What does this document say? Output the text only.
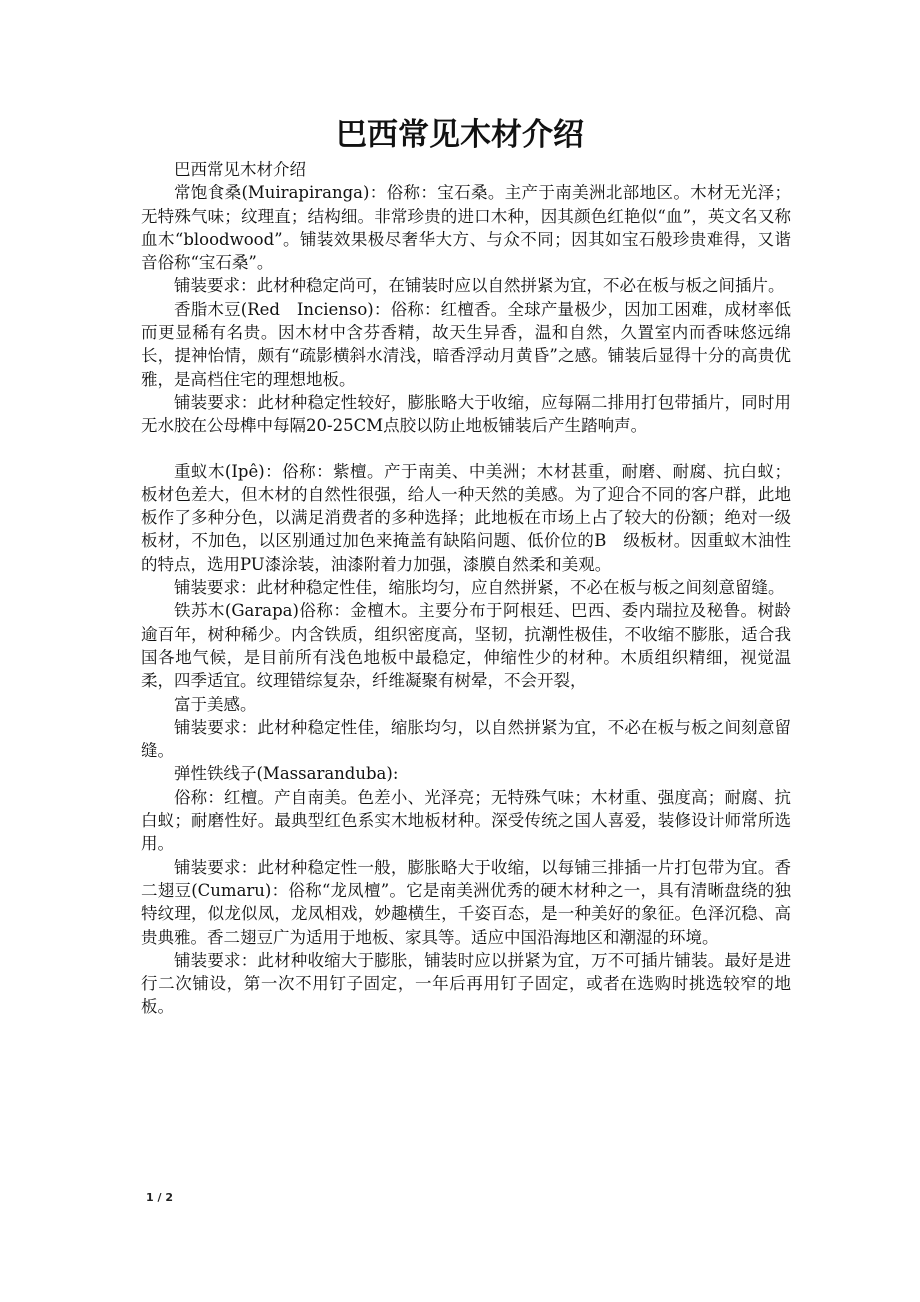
巴西常见木材介绍

巴西常见木材介绍

常饱食桑(Muirapiranga)：俗称：宝石桑。主产于南美洲北部地区。木材无光泽；无特殊气味；纹理直；结构细。非常珍贵的进口木种，因其颜色红艳似“血”，英文名又称血木“bloodwood”。铺装效果极尽奢华大方、与众不同；因其如宝石般珍贵难得，又谐音俗称“宝石桑”。

铺装要求：此材种稳定尚可，在铺装时应以自然拼紧为宜，不必在板与板之间插片。

香脂木豆(Red　Incienso)：俗称：红檀香。全球产量极少，因加工困难，成材率低而更显稀有名贵。因木材中含芬香精，故天生异香，温和自然，久置室内而香味悠远绵长，提神怡情，颇有“疏影横斜水清浅，暗香浮动月黄昏”之感。铺装后显得十分的高贵优雅，是高档住宅的理想地板。

铺装要求：此材种稳定性较好，膨胀略大于收缩，应每隔二排用打包带插片，同时用无水胶在公母榫中每隔20-25CM点胶以防止地板铺装后产生踏响声。

重蚁木(Ipê)：俗称：紫檀。产于南美、中美洲；木材甚重，耐磨、耐腐、抗白蚁；板材色差大，但木材的自然性很强，给人一种天然的美感。为了迎合不同的客户群，此地板作了多种分色，以满足消费者的多种选择；此地板在市场上占了较大的份额；绝对一级板材，不加色，以区别通过加色来掩盖有缺陷问题、低价位的B　级板材。因重蚁木油性的特点，选用PU漆涂装，油漆附着力加强，漆膜自然柔和美观。

铺装要求：此材种稳定性佳，缩胀均匀，应自然拼紧，不必在板与板之间刻意留缝。

铁苏木(Garapa)俗称：金檀木。主要分布于阿根廷、巴西、委内瑞拉及秘鲁。树龄逾百年，树种稀少。内含铁质，组织密度高，坚韧，抗潮性极佳，不收缩不膨胀，适合我国各地气候，是目前所有浅色地板中最稳定，伸缩性少的材种。木质组织精细，视觉温柔，四季适宜。纹理错综复杂，纤维凝聚有树晕，不会开裂，

富于美感。

铺装要求：此材种稳定性佳，缩胀均匀，以自然拼紧为宜，不必在板与板之间刻意留缝。

弹性铁线子(Massaranduba):

俗称：红檀。产自南美。色差小、光泽亮；无特殊气味；木材重、强度高；耐腐、抗白蚁；耐磨性好。最典型红色系实木地板材种。深受传统之国人喜爱，装修设计师常所选用。

铺装要求：此材种稳定性一般，膨胀略大于收缩，以每铺三排插一片打包带为宜。香二翅豆(Cumaru)：俗称“龙凤檀”。它是南美洲优秀的硬木材种之一，具有清晰盘绕的独特纹理，似龙似凤，龙凤相戏，妙趣横生，千姿百态，是一种美好的象征。色泽沉稳、高贵典雅。香二翅豆广为适用于地板、家具等。适应中国沿海地区和潮湿的环境。

铺装要求：此材种收缩大于膨胀，铺装时应以拼紧为宜，万不可插片铺装。最好是进行二次铺设，第一次不用钉子固定，一年后再用钉子固定，或者在选购时挑选较窄的地板。

1 / 2
